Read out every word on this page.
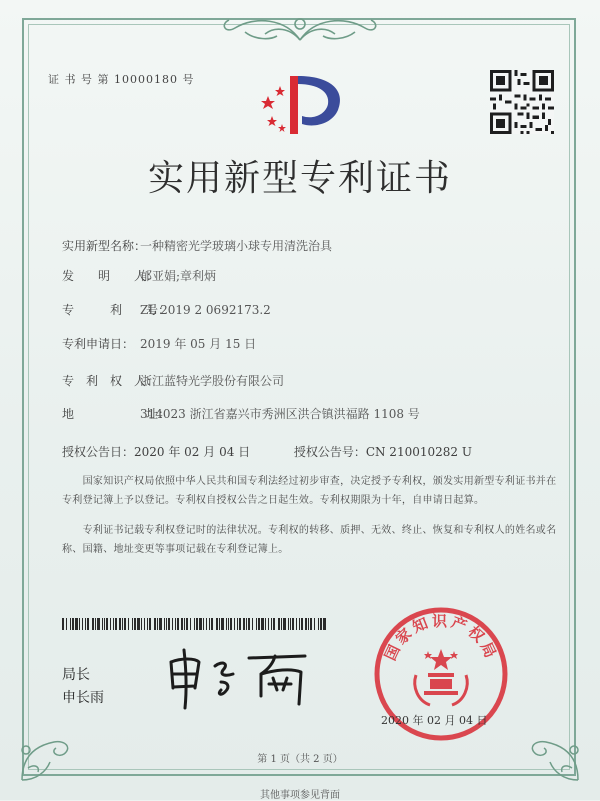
证 书 号 第 10000180 号
实用新型专利证书
实用新型名称：一种精密光学玻璃小球专用清洗治具
发　　明　　人：郁亚娟;章利炳
专　　　利　　号：ZL 2019 2 0692173.2
专利申请日： 2019 年 05 月 15 日
专　利　权　人：浙江蓝特光学股份有限公司
地　　　　　　址：314023 浙江省嘉兴市秀洲区洪合镇洪福路 1108 号
授权公告日：2020 年 02 月 04 日	授权公告号：CN 210010282 U
　　国家知识产权局依照中华人民共和国专利法经过初步审查，决定授予专利权，颁发实用新型专利证书并在专利登记簿上予以登记。专利权自授权公告之日起生效。专利权期限为十年，自申请日起算。
　　专利证书记载专利权登记时的法律状况。专利权的转移、质押、无效、终止、恢复和专利权人的姓名或名称、国籍、地址变更等事项记载在专利登记簿上。
局长
申长雨
国家知识产权局
2020 年 02 月 04 日
第 1 页（共 2 页）
其他事项参见背面
